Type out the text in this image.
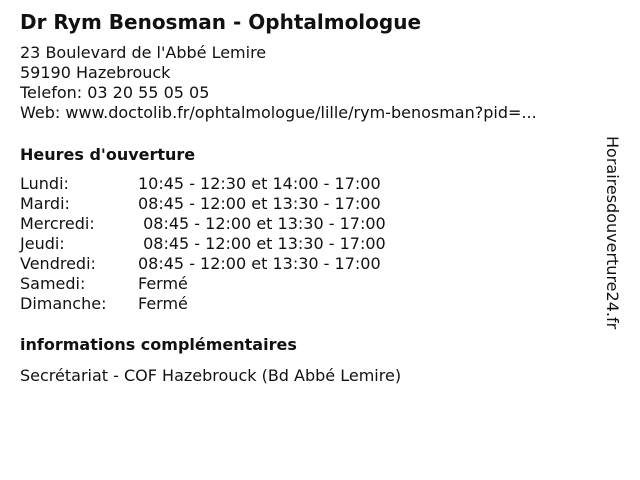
Dr Rym Benosman - Ophtalmologue
23 Boulevard de l'Abbé Lemire
59190 Hazebrouck
Telefon: 03 20 55 05 05
Web: www.doctolib.fr/ophtalmologue/lille/rym-benosman?pid=...
Heures d'ouverture
Lundi:	10:45 - 12:30 et 14:00 - 17:00
Mardi:	08:45 - 12:00 et 13:30 - 17:00
Mercredi:	08:45 - 12:00 et 13:30 - 17:00
Jeudi:	08:45 - 12:00 et 13:30 - 17:00
Vendredi:	08:45 - 12:00 et 13:30 - 17:00
Samedi:	Fermé
Dimanche: Fermé
informations complémentaires
Secrétariat - COF Hazebrouck (Bd Abbé Lemire)
Horairesdouverture24.fr
